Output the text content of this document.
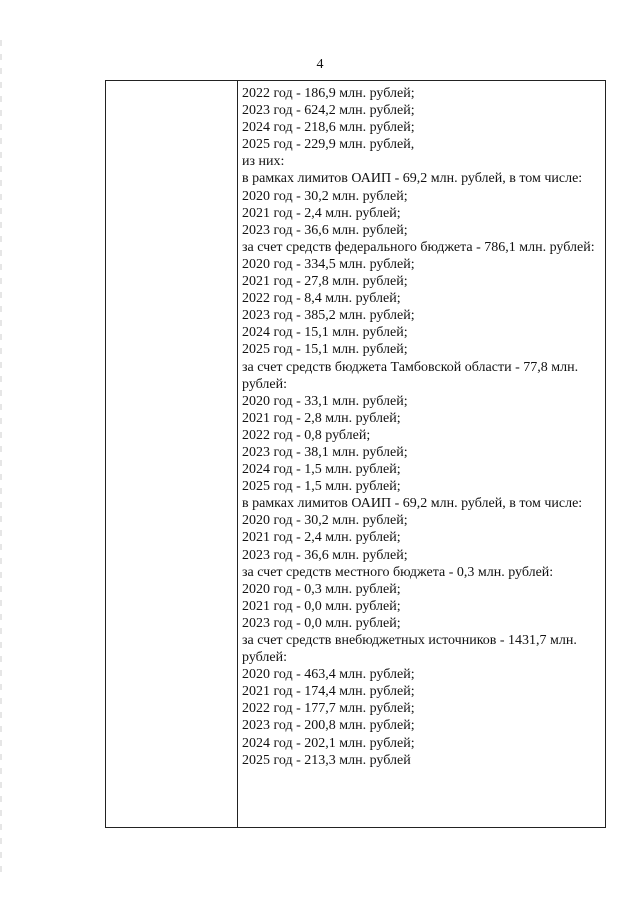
4
2022 год - 186,9 млн. рублей;
2023 год - 624,2 млн. рублей;
2024 год - 218,6 млн. рублей;
2025 год - 229,9 млн. рублей,
из них:
в рамках лимитов ОАИП - 69,2 млн. рублей, в том числе:
2020 год - 30,2 млн. рублей;
2021 год - 2,4 млн. рублей;
2023 год - 36,6 млн. рублей;
за счет средств федерального бюджета - 786,1 млн. рублей:
2020 год - 334,5 млн. рублей;
2021 год - 27,8 млн. рублей;
2022 год - 8,4 млн. рублей;
2023 год - 385,2 млн. рублей;
2024 год - 15,1 млн. рублей;
2025 год - 15,1 млн. рублей;
за счет средств бюджета Тамбовской области - 77,8 млн. рублей:
2020 год - 33,1 млн. рублей;
2021 год - 2,8 млн. рублей;
2022 год - 0,8 рублей;
2023 год - 38,1 млн. рублей;
2024 год - 1,5 млн. рублей;
2025 год - 1,5 млн. рублей;
в рамках лимитов ОАИП - 69,2 млн. рублей, в том числе:
2020 год - 30,2 млн. рублей;
2021 год - 2,4 млн. рублей;
2023 год - 36,6 млн. рублей;
за счет средств местного бюджета - 0,3 млн. рублей:
2020 год - 0,3 млн. рублей;
2021 год - 0,0 млн. рублей;
2023 год - 0,0 млн. рублей;
за счет средств внебюджетных источников - 1431,7 млн. рублей:
2020 год - 463,4 млн. рублей;
2021 год - 174,4 млн. рублей;
2022 год - 177,7 млн. рублей;
2023 год - 200,8 млн. рублей;
2024 год - 202,1 млн. рублей;
2025 год - 213,3 млн. рублей
